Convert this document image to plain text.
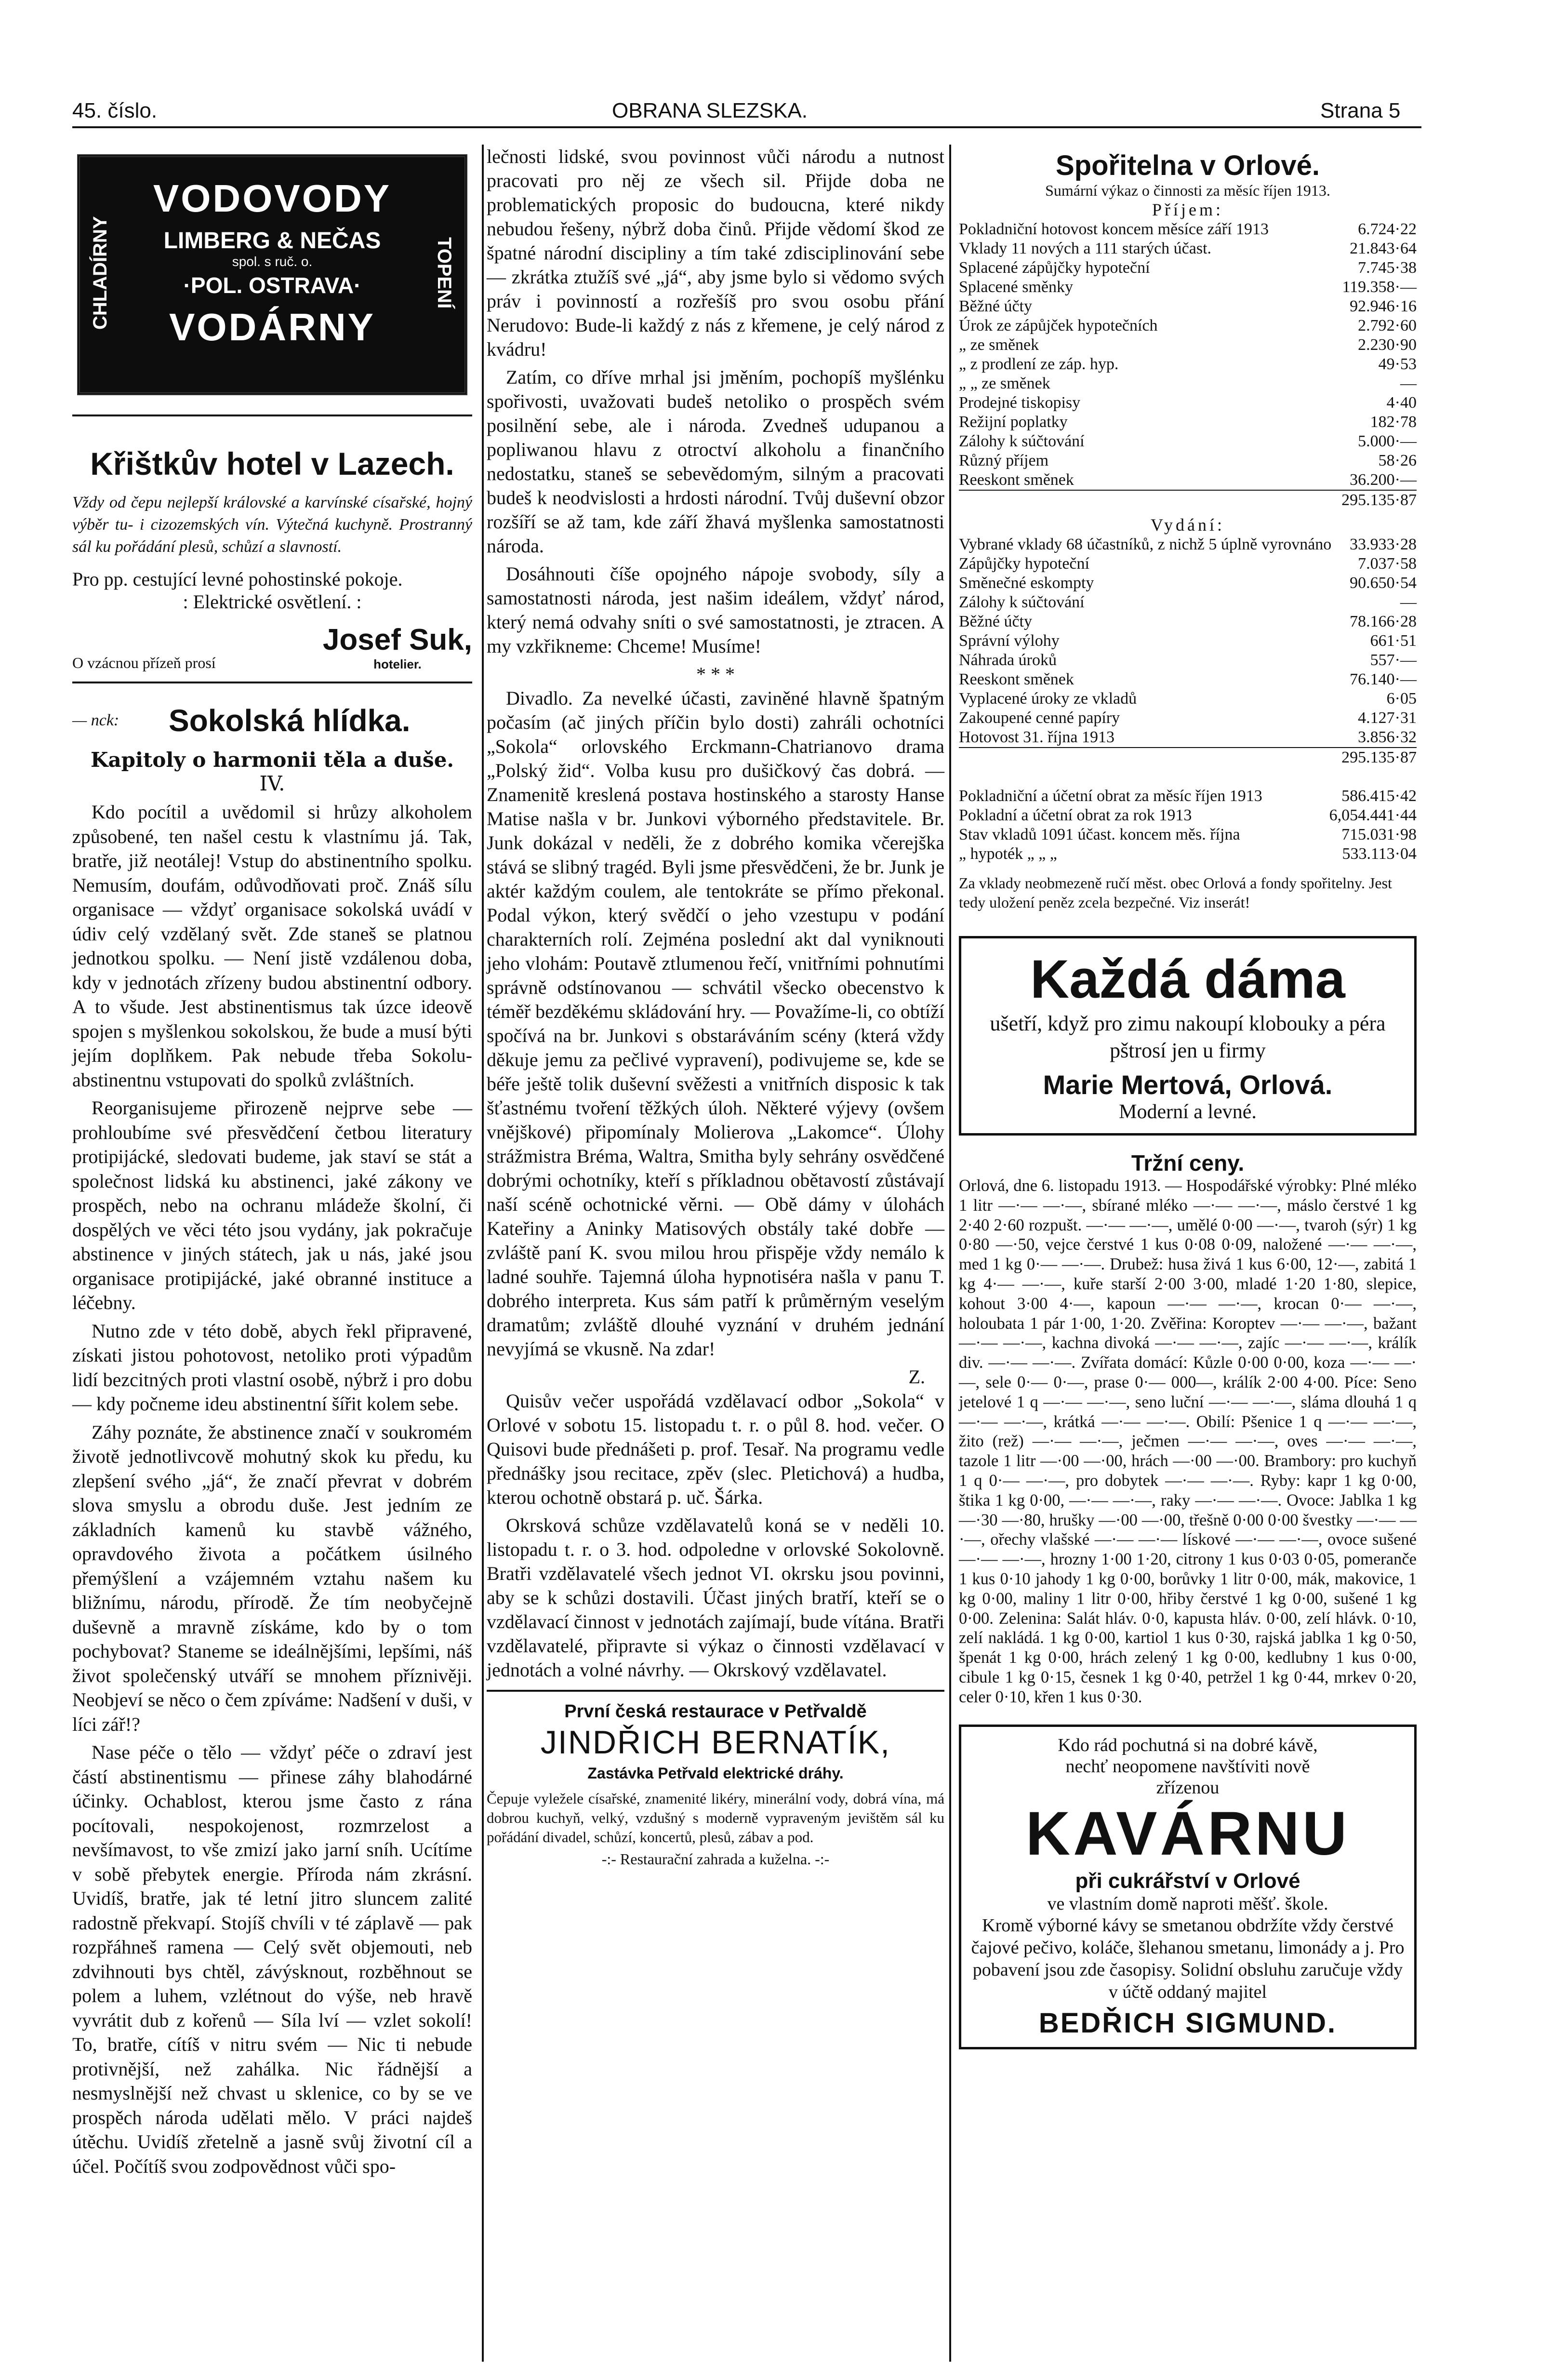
45. číslo.	OBRANA SLEZSKA.	Strana 5
CHLADÍRNY	TOPENÍ
VODOVODY
LIMBERG & NEČAS
spol. s ruč. o.
·POL. OSTRAVA·
VODÁRNY
Křištkův hotel v Lazech.
Vždy od čepu nejlepší královské a karvínské císařské, hojný výběr tu- i cizozemských vín. Výtečná kuchyně. Prostranný sál ku pořádání plesů, schůzí a slavností.
Pro pp. cestující levné pohostinské pokoje.
: Elektrické osvětlení. :
O vzácnou přízeň prosí
Josef Suk,
hotelier.
— nck:	Sokolská hlídka.
Kapitoly o harmonii těla a duše.
IV.

Kdo pocítil a uvědomil si hrůzy alkoholem způsobené, ten našel cestu k vlastnímu já. Tak, bratře, již neotálej! Vstup do abstinentního spolku. Nemusím, doufám, odůvodňovati proč. Znáš sílu organisace — vždyť organisace sokolská uvádí v údiv celý vzdělaný svět. Zde staneš se platnou jednotkou spolku. — Není jistě vzdálenou doba, kdy v jednotách zřízeny budou abstinentní odbory. A to všude. Jest abstinentismus tak úzce ideově spojen s myšlenkou sokolskou, že bude a musí býti jejím doplňkem. Pak nebude třeba Sokolu-abstinentnu vstupovati do spolků zvláštních.

Reorganisujeme přirozeně nejprve sebe — prohloubíme své přesvědčení četbou literatury protipijácké, sledovati budeme, jak staví se stát a společnost lidská ku abstinenci, jaké zákony ve prospěch, nebo na ochranu mládeže školní, či dospělých ve věci této jsou vydány, jak pokračuje abstinence v jiných státech, jak u nás, jaké jsou organisace protipijácké, jaké obranné instituce a léčebny.

Nutno zde v této době, abych řekl připravené, získati jistou pohotovost, netoliko proti výpadům lidí bezcitných proti vlastní osobě, nýbrž i pro dobu — kdy počneme ideu abstinentní šířit kolem sebe.

Záhy poznáte, že abstinence značí v soukromém životě jednotlivcově mohutný skok ku předu, ku zlepšení svého „já“, že značí převrat v dobrém slova smyslu a obrodu duše. Jest jedním ze základních kamenů ku stavbě vážného, opravdového života a počátkem úsilného přemýšlení a vzájemném vztahu našem ku bližnímu, národu, přírodě. Že tím neobyčejně duševně a mravně získáme, kdo by o tom pochybovat? Staneme se ideálnějšími, lepšími, náš život společenský utváří se mnohem příznivěji. Neobjeví se něco o čem zpíváme: Nadšení v duši, v líci zář!?

Nase péče o tělo — vždyť péče o zdraví jest částí abstinentismu — přinese záhy blahodárné účinky. Ochablost, kterou jsme často z rána pocítovali, nespokojenost, rozmrzelost a nevšímavost, to vše zmizí jako jarní sníh. Ucítíme v sobě přebytek energie. Příroda nám zkrásní. Uvidíš, bratře, jak té letní jitro sluncem zalité radostně překvapí. Stojíš chvíli v té záplavě — pak rozpřáhneš ramena — Celý svět objemouti, neb zdvihnouti bys chtěl, závýsknout, rozběhnout se polem a luhem, vzlétnout do výše, neb hravě vyvrátit dub z kořenů — Síla lví — vzlet sokolí! To, bratře, cítíš v nitru svém — Nic ti nebude protivnější, než zahálka. Nic řádnější a nesmyslnější než chvast u sklenice, co by se ve prospěch národa udělati mělo. V práci najdeš útěchu. Uvidíš zřetelně a jasně svůj životní cíl a účel. Počítíš svou zodpovědnost vůči spo-

lečnosti lidské, svou povinnost vůči národu a nutnost pracovati pro něj ze všech sil. Přijde doba ne problematických proposic do budoucna, které nikdy nebudou řešeny, nýbrž doba činů. Přijde vědomí škod ze špatné národní discipliny a tím také zdisciplinování sebe — zkrátka ztužíš své „já“, aby jsme bylo si vědomo svých práv i povinností a rozřešíš pro svou osobu přání Nerudovo: Bude-li každý z nás z křemene, je celý národ z kvádru!

Zatím, co dříve mrhal jsi jměním, pochopíš myšlénku spořivosti, uvažovati budeš netoliko o prospěch svém posilnění sebe, ale i národa. Zvedneš udupanou a popliwanou hlavu z otroctví alkoholu a finančního nedostatku, staneš se sebevědomým, silným a pracovati budeš k neodvislosti a hrdosti národní. Tvůj duševní obzor rozšíří se až tam, kde září žhavá myšlenka samostatnosti národa.

Dosáhnouti číše opojného nápoje svobody, síly a samostatnosti národa, jest našim ideálem, vždyť národ, který nemá odvahy sníti o své samostatnosti, je ztracen. A my vzkřikneme: Chceme! Musíme!

* * *

Divadlo. Za nevelké účasti, zaviněné hlavně špatným počasím (ač jiných příčin bylo dosti) zahráli ochotníci „Sokola“ orlovského Erckmann-Chatrianovo drama „Polský žid“. Volba kusu pro dušičkový čas dobrá. — Znamenitě kreslená postava hostinského a starosty Hanse Matise našla v br. Junkovi výborného představitele. Br. Junk dokázal v neděli, že z dobrého komika včerejška stává se slibný tragéd. Byli jsme přesvědčeni, že br. Junk je aktér každým coulem, ale tentokráte se přímo překonal. Podal výkon, který svědčí o jeho vzestupu v podání charakterních rolí. Zejména poslední akt dal vyniknouti jeho vlohám: Poutavě ztlumenou řečí, vnitřními pohnutími správně odstínovanou — schvátil všecko obecenstvo k téměř bezděkému skládování hry. — Považíme-li, co obtíží spočívá na br. Junkovi s obstaráváním scény (která vždy děkuje jemu za pečlivé vypravení), podivujeme se, kde se béře ještě tolik duševní svěžesti a vnitřních disposic k tak šťastnému tvoření těžkých úloh. Některé výjevy (ovšem vnějškové) připomínaly Molierova „Lakomce“. Úlohy strážmistra Bréma, Waltra, Smitha byly sehrány osvědčené dobrými ochotníky, kteří s příkladnou obětavostí zůstávají naší scéně ochotnické věrni. — Obě dámy v úlohách Kateřiny a Aninky Matisových obstály také dobře — zvláště paní K. svou milou hrou přispěje vždy nemálo k ladné souhře. Tajemná úloha hypnotiséra našla v panu T. dobrého interpreta. Kus sám patří k průměrným veselým dramatům; zvláště dlouhé vyznání v druhém jednání nevyjímá se vkusně. Na zdar!

Z.

Quisův večer uspořádá vzdělavací odbor „Sokola“ v Orlové v sobotu 15. listopadu t. r. o půl 8. hod. večer. O Quisovi bude přednášeti p. prof. Tesař. Na programu vedle přednášky jsou recitace, zpěv (slec. Pletichová) a hudba, kterou ochotně obstará p. uč. Šárka.

Okrsková schůze vzdělavatelů koná se v neděli 10. listopadu t. r. o 3. hod. odpoledne v orlovské Sokolovně. Bratři vzdělavatelé všech jednot VI. okrsku jsou povinni, aby se k schůzi dostavili. Účast jiných bratří, kteří se o vzdělavací činnost v jednotách zajímají, bude vítána. Bratři vzdělavatelé, připravte si výkaz o činnosti vzdělavací v jednotách a volné návrhy. — Okrskový vzdělavatel.

První česká restaurace v Petřvaldě
JINDŘICH BERNATÍK,
Zastávka Petřvald elektrické dráhy.
Čepuje vyležele císařské, znamenité likéry, minerální vody, dobrá vína, má dobrou kuchyň, velký, vzdušný s moderně vypraveným jevištěm sál ku pořádání divadel, schůzí, koncertů, plesů, zábav a pod.
-:- Restaurační zahrada a kuželna. -:-
Spořitelna v Orlové.
Sumární výkaz o činnosti za měsíc říjen 1913.
Příjem:
Pokladniční hotovost koncem měsíce září 1913	6.724·22
Vklady 11 nových a 111 starých účast.	21.843·64
Splacené zápůjčky hypoteční	7.745·38
Splacené směnky	119.358·—
Běžné účty	92.946·16
Úrok ze zápůjček hypotečních	2.792·60
„ ze směnek	2.230·90
„ z prodlení ze záp. hyp.	49·53
„ „ ze směnek	—
Prodejné tiskopisy	4·40
Režijní poplatky	182·78
Zálohy k súčtování	5.000·—
Různý příjem	58·26
Reeskont směnek	36.200·—
295.135·87
Vydání:
Vybrané vklady 68 účastníků, z nichž 5 úplně vyrovnáno 33.933·28
Zápůjčky hypoteční	7.037·58
Směnečné eskompty	90.650·54
Zálohy k súčtování	—
Běžné účty	78.166·28
Správní výlohy	661·51
Náhrada úroků	557·—
Reeskont směnek	76.140·—
Vyplacené úroky ze vkladů	6·05
Zakoupené cenné papíry	4.127·31
Hotovost 31. října 1913	3.856·32
295.135·87
Pokladniční a účetní obrat za měsíc říjen 1913	586.415·42
Pokladní a účetní obrat za rok 1913	6,054.441·44
Stav vkladů 1091 účast. koncem měs. října	715.031·98
„ hypoték „ „ „	533.113·04
Za vklady neobmezeně ručí měst. obec Orlová a fondy spořitelny. Jest tedy uložení peněz zcela bezpečné. Viz inserát!
Každá dáma
ušetří, když pro zimu nakoupí klobouky a péra pštrosí jen u firmy
Marie Mertová, Orlová.
Moderní a levné.
Tržní ceny.
Orlová, dne 6. listopadu 1913. — Hospodářské výrobky: Plné mléko 1 litr —·— —·—, sbírané mléko —·— —·—, máslo čerstvé 1 kg 2·40 2·60 rozpušt. —·— —·—, umělé 0·00 —·—, tvaroh (sýr) 1 kg 0·80 —·50, vejce čerstvé 1 kus 0·08 0·09, naložené —·— —·—, med 1 kg 0·— —·—. Drubež: husa živá 1 kus 6·00, 12·—, zabitá 1 kg 4·— —·—, kuře starší 2·00 3·00, mladé 1·20 1·80, slepice, kohout 3·00 4·—, kapoun —·— —·—, krocan 0·— —·—, holoubata 1 pár 1·00, 1·20. Zvěřina: Koroptev —·— —·—, bažant —·— —·—, kachna divoká —·— —·—, zajíc —·— —·—, králík div. —·— —·—. Zvířata domácí: Kůzle 0·00 0·00, koza —·— —·—, sele 0·— 0·—, prase 0·— 000—, králík 2·00 4·00. Píce: Seno jetelové 1 q —·— —·—, seno luční —·— —·—, sláma dlouhá 1 q —·— —·—, krátká —·— —·—. Obilí: Pšenice 1 q —·— —·—, žito (rež) —·— —·—, ječmen —·— —·—, oves —·— —·—, tazole 1 litr —·00 —·00, hrách —·00 —·00. Brambory: pro kuchyň 1 q 0·— —·—, pro dobytek —·— —·—. Ryby: kapr 1 kg 0·00, štika 1 kg 0·00, —·— —·—, raky —·— —·—. Ovoce: Jablka 1 kg —·30 —·80, hrušky —·00 —·00, třešně 0·00 0·00 švestky —·— —·—, ořechy vlašské —·— —·— lískové —·— —·—, ovoce sušené —·— —·—, hrozny 1·00 1·20, citrony 1 kus 0·03 0·05, pomeranče 1 kus 0·10 jahody 1 kg 0·00, borůvky 1 litr 0·00, mák, makovice, 1 kg 0·00, maliny 1 litr 0·00, hřiby čerstvé 1 kg 0·00, sušené 1 kg 0·00. Zelenina: Salát hláv. 0·0, kapusta hláv. 0·00, zelí hlávk. 0·10, zelí nakládá. 1 kg 0·00, kartiol 1 kus 0·30, rajská jablka 1 kg 0·50, špenát 1 kg 0·00, hrách zelený 1 kg 0·00, kedlubny 1 kus 0·00, cibule 1 kg 0·15, česnek 1 kg 0·40, petržel 1 kg 0·44, mrkev 0·20, celer 0·10, křen 1 kus 0·30.
Kdo rád pochutná si na dobré kávě,
nechť neopomene navštíviti nově
zřízenou
KAVÁRNU
při cukrářství v Orlové
ve vlastním domě naproti měšť. školе.
Kromě výborné kávy se smetanou obdržíte vždy čerstvé čajové pečivo, koláče, šlehanou smetanu, limonády a j. Pro pobavení jsou zde časopisy. Solidní obsluhu zaručuje vždy v účtě oddaný majitel
BEDŘICH SIGMUND.
